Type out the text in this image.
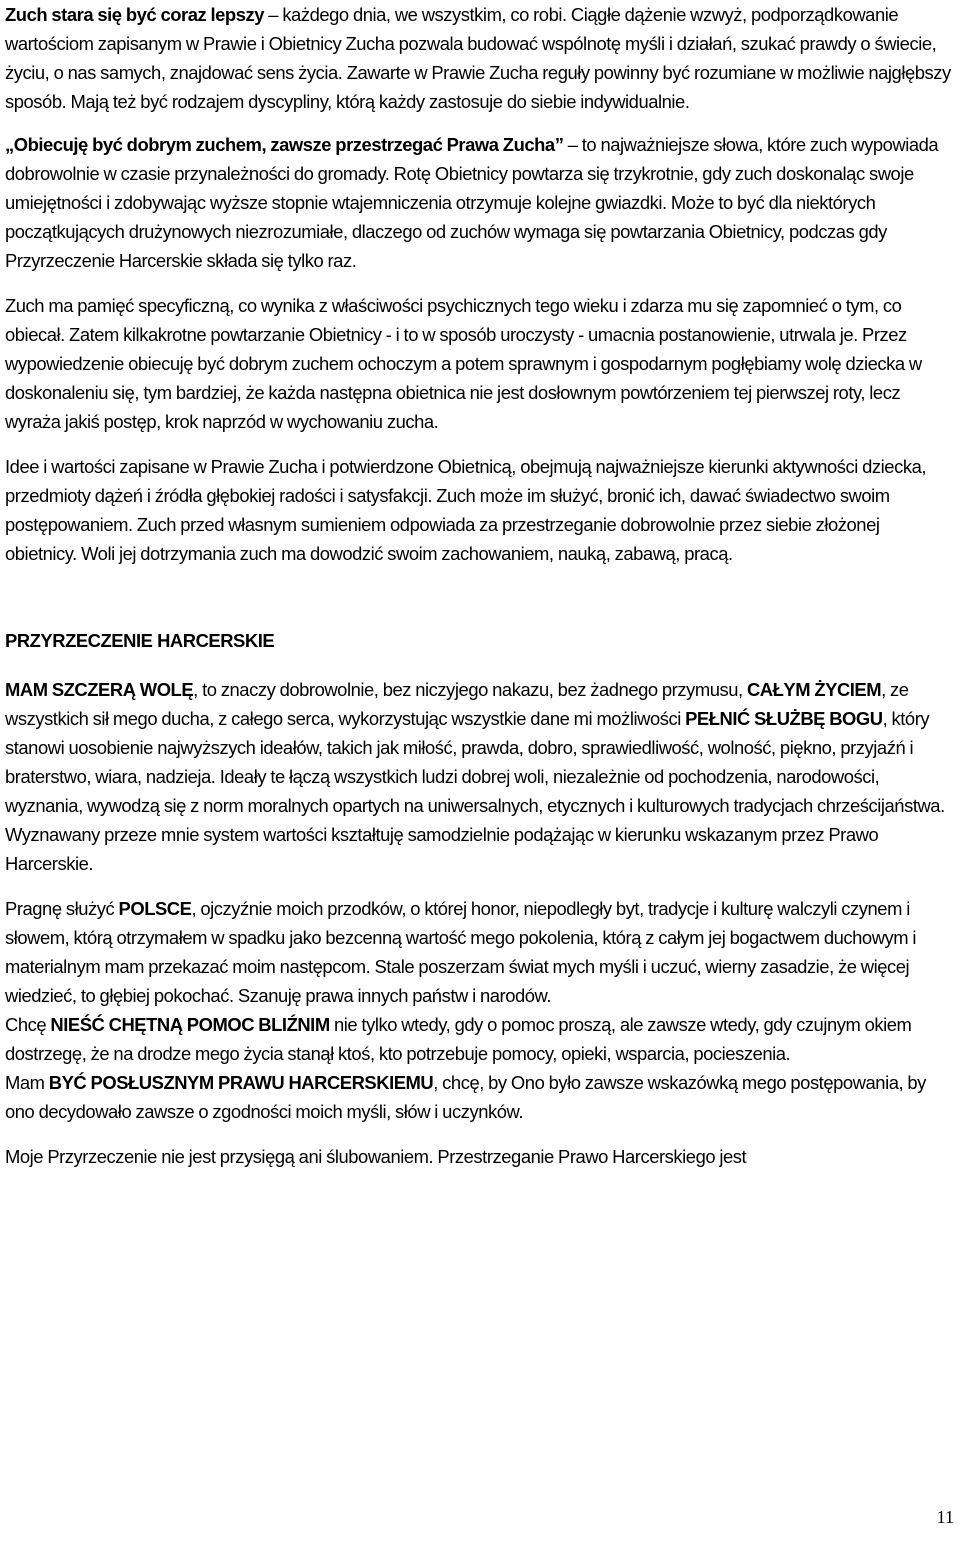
Zuch stara się być coraz lepszy – każdego dnia, we wszystkim, co robi. Ciągłe dążenie wzwyż, podporządkowanie wartościom zapisanym w Prawie i Obietnicy Zucha pozwala budować wspólnotę myśli i działań, szukać prawdy o świecie, życiu, o nas samych, znajdować sens życia. Zawarte w Prawie Zucha reguły powinny być rozumiane w możliwie najgłębszy sposób. Mają też być rodzajem dyscypliny, którą każdy zastosuje do siebie indywidualnie.

„Obiecuję być dobrym zuchem, zawsze przestrzegać Prawa Zucha” – to najważniejsze słowa, które zuch wypowiada dobrowolnie w czasie przynależności do gromady. Rotę Obietnicy powtarza się trzykrotnie, gdy zuch doskonaląc swoje umiejętności i zdobywając wyższe stopnie wtajemniczenia otrzymuje kolejne gwiazdki. Może to być dla niektórych początkujących drużynowych niezrozumiałe, dlaczego od zuchów wymaga się powtarzania Obietnicy, podczas gdy Przyrzeczenie Harcerskie składa się tylko raz.

Zuch ma pamięć specyficzną, co wynika z właściwości psychicznych tego wieku i zdarza mu się zapomnieć o tym, co obiecał. Zatem kilkakrotne powtarzanie Obietnicy - i to w sposób uroczysty - umacnia postanowienie, utrwala je. Przez wypowiedzenie obiecuję być dobrym zuchem ochoczym a potem sprawnym i gospodarnym pogłębiamy wolę dziecka w doskonaleniu się, tym bardziej, że każda następna obietnica nie jest dosłownym powtórzeniem tej pierwszej roty, lecz wyraża jakiś postęp, krok naprzód w wychowaniu zucha.

Idee i wartości zapisane w Prawie Zucha i potwierdzone Obietnicą, obejmują najważniejsze kierunki aktywności dziecka, przedmioty dążeń i źródła głębokiej radości i satysfakcji. Zuch może im służyć, bronić ich, dawać świadectwo swoim postępowaniem. Zuch przed własnym sumieniem odpowiada za przestrzeganie dobrowolnie przez siebie złożonej obietnicy. Woli jej dotrzymania zuch ma dowodzić swoim zachowaniem, nauką, zabawą, pracą.

PRZYRZECZENIE HARCERSKIE

MAM SZCZERĄ WOLĘ, to znaczy dobrowolnie, bez niczyjego nakazu, bez żadnego przymusu, CAŁYM ŻYCIEM, ze wszystkich sił mego ducha, z całego serca, wykorzystując wszystkie dane mi możliwości PEŁNIĆ SŁUŻBĘ BOGU, który stanowi uosobienie najwyższych ideałów, takich jak miłość, prawda, dobro, sprawiedliwość, wolność, piękno, przyjaźń i braterstwo, wiara, nadzieja. Ideały te łączą wszystkich ludzi dobrej woli, niezależnie od pochodzenia, narodowości, wyznania, wywodzą się z norm moralnych opartych na uniwersalnych, etycznych i kulturowych tradycjach chrześcijaństwa. Wyznawany przeze mnie system wartości kształtuję samodzielnie podążając w kierunku wskazanym przez Prawo Harcerskie.

Pragnę służyć POLSCE, ojczyźnie moich przodków, o której honor, niepodległy byt, tradycje i kulturę walczyli czynem i słowem, którą otrzymałem w spadku jako bezcenną wartość mego pokolenia, którą z całym jej bogactwem duchowym i materialnym mam przekazać moim następcom. Stale poszerzam świat mych myśli i uczuć, wierny zasadzie, że więcej wiedzieć, to głębiej pokochać. Szanuję prawa innych państw i narodów.

Chcę NIEŚĆ CHĘTNĄ POMOC BLIŹNIM nie tylko wtedy, gdy o pomoc proszą, ale zawsze wtedy, gdy czujnym okiem dostrzegę, że na drodze mego życia stanął ktoś, kto potrzebuje pomocy, opieki, wsparcia, pocieszenia.

Mam BYĆ POSŁUSZNYM PRAWU HARCERSKIEMU, chcę, by Ono było zawsze wskazówką mego postępowania, by ono decydowało zawsze o zgodności moich myśli, słów i uczynków.

Moje Przyrzeczenie nie jest przysięgą ani ślubowaniem. Przestrzeganie Prawo Harcerskiego jest

11
